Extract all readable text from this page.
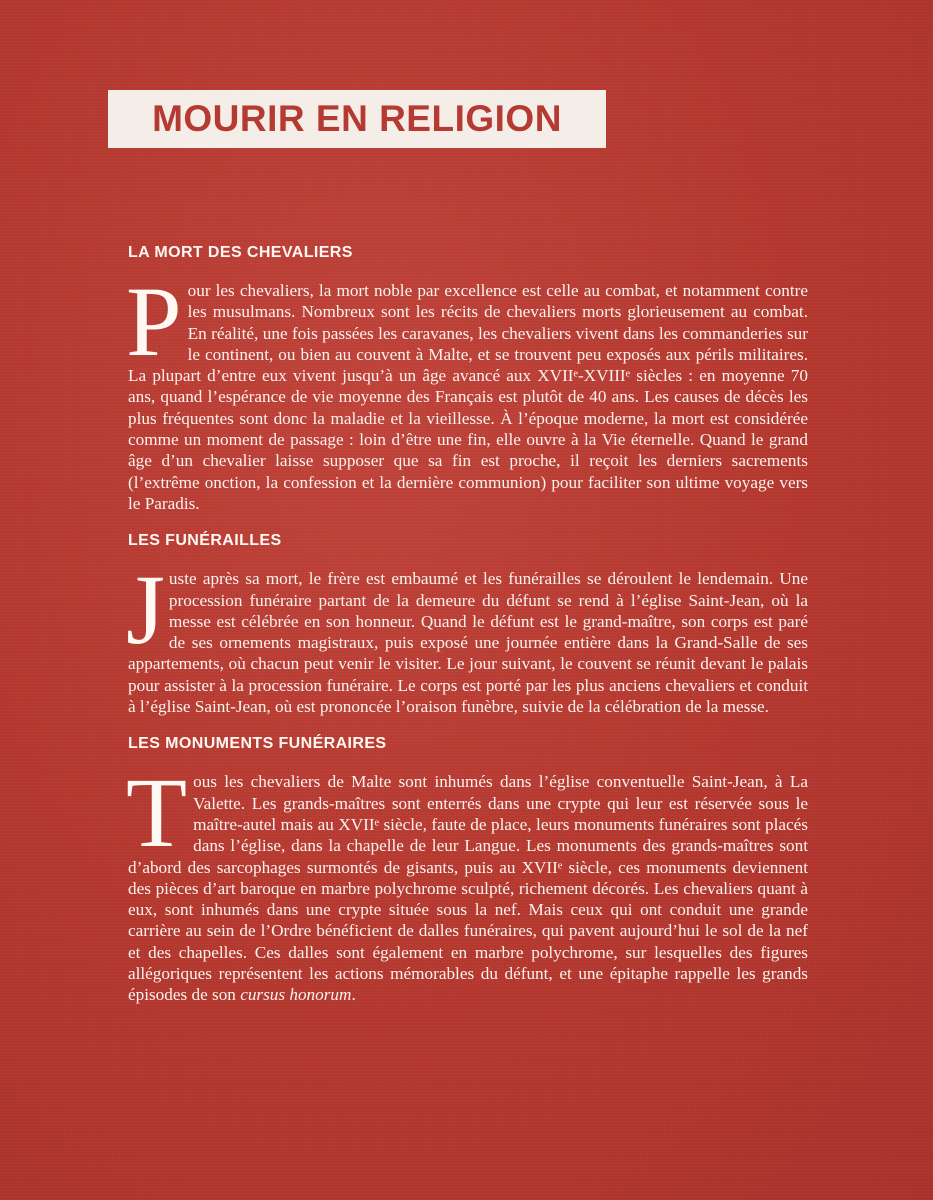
MOURIR EN RELIGION
LA MORT DES CHEVALIERS

Pour les chevaliers, la mort noble par excellence est celle au combat, et notamment contre les musulmans. Nombreux sont les récits de chevaliers morts glorieusement au combat. En réalité, une fois passées les caravanes, les chevaliers vivent dans les commanderies sur le continent, ou bien au couvent à Malte, et se trouvent peu exposés aux périls militaires. La plupart d’entre eux vivent jusqu’à un âge avancé aux XVIIᵉ-XVIIIᵉ siècles : en moyenne 70 ans, quand l’espérance de vie moyenne des Français est plutôt de 40 ans. Les causes de décès les plus fréquentes sont donc la maladie et la vieillesse. À l’époque moderne, la mort est considérée comme un moment de passage : loin d’être une fin, elle ouvre à la Vie éternelle. Quand le grand âge d’un chevalier laisse supposer que sa fin est proche, il reçoit les derniers sacrements (l’extrême onction, la confession et la dernière communion) pour faciliter son ultime voyage vers le Paradis.

LES FUNÉRAILLES

Juste après sa mort, le frère est embaumé et les funérailles se déroulent le lendemain. Une procession funéraire partant de la demeure du défunt se rend à l’église Saint-Jean, où la messe est célébrée en son honneur. Quand le défunt est le grand-maître, son corps est paré de ses ornements magistraux, puis exposé une journée entière dans la Grand-Salle de ses appartements, où chacun peut venir le visiter. Le jour suivant, le couvent se réunit devant le palais pour assister à la procession funéraire. Le corps est porté par les plus anciens chevaliers et conduit à l’église Saint-Jean, où est prononcée l’oraison funèbre, suivie de la célébration de la messe.

LES MONUMENTS FUNÉRAIRES

Tous les chevaliers de Malte sont inhumés dans l’église conventuelle Saint-Jean, à La Valette. Les grands-maîtres sont enterrés dans une crypte qui leur est réservée sous le maître-autel mais au XVIIᵉ siècle, faute de place, leurs monuments funéraires sont placés dans l’église, dans la chapelle de leur Langue. Les monuments des grands-maîtres sont d’abord des sarcophages surmontés de gisants, puis au XVIIᵉ siècle, ces monuments deviennent des pièces d’art baroque en marbre polychrome sculpté, richement décorés. Les chevaliers quant à eux, sont inhumés dans une crypte située sous la nef. Mais ceux qui ont conduit une grande carrière au sein de l’Ordre bénéficient de dalles funéraires, qui pavent aujourd’hui le sol de la nef et des chapelles. Ces dalles sont également en marbre polychrome, sur lesquelles des figures allégoriques représentent les actions mémorables du défunt, et une épitaphe rappelle les grands épisodes de son cursus honorum.
